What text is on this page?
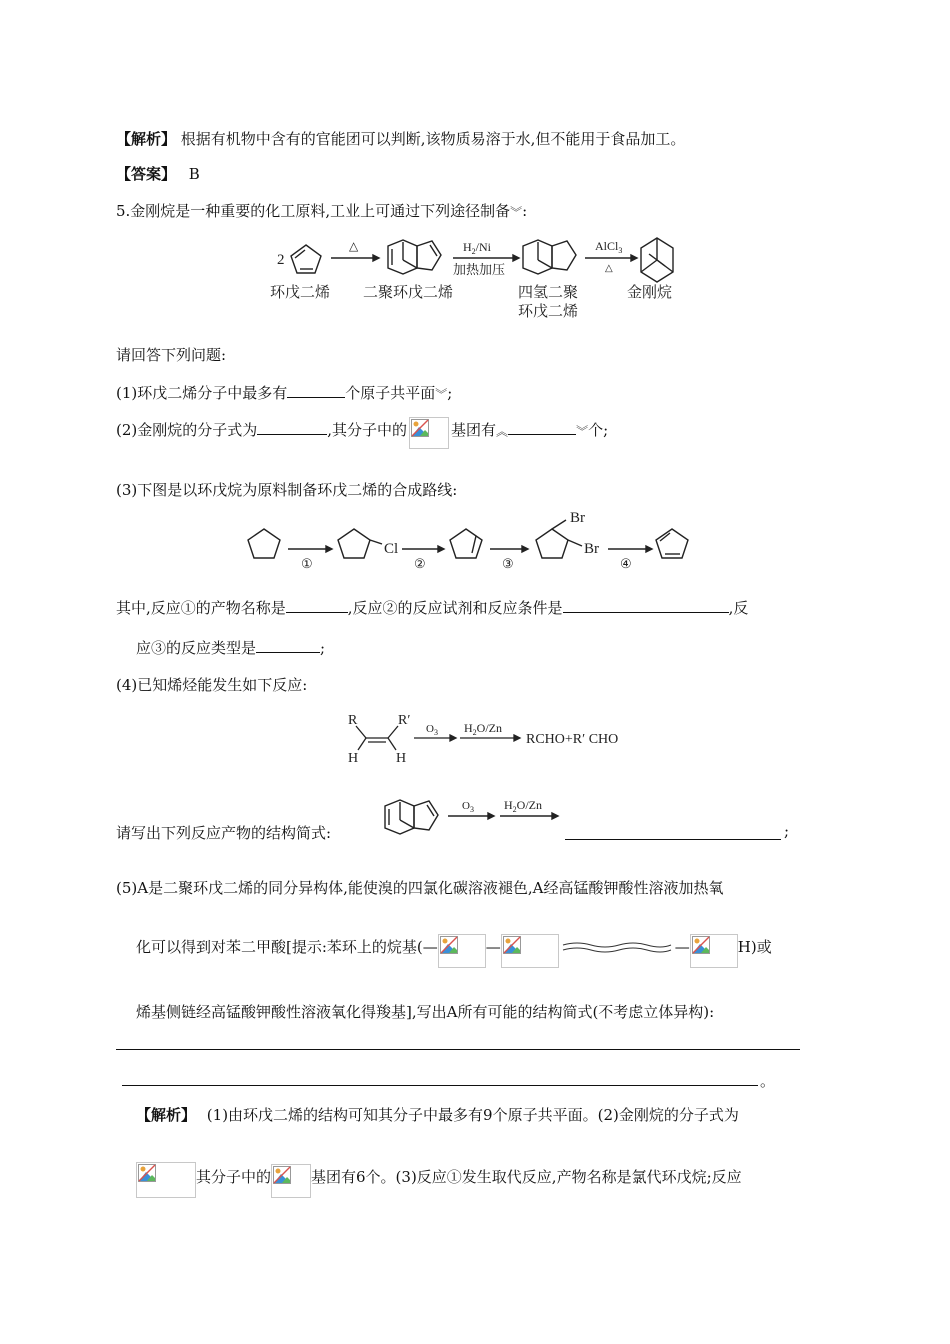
【解析】 根据有机物中含有的官能团可以判断,该物质易溶于水,但不能用于食品加工。
【答案】 B
5.金刚烷是一种重要的化工原料,工业上可通过下列途径制备︾:
2
△	$H_2/Ni$
加热加压
AlCl$_3$
△
环戊二烯 二聚环戊二烯	四氢二聚
环戊二烯
金刚烷
请回答下列问题:
(1)环戊二烯分子中最多有	个原子共平面︾;
(2)金刚烷的分子式为	,其分子中的	基团有︽	︾个;
(3)下图是以环戊烷为原料制备环戊二烯的合成路线:
Cl
Br
Br
①	②	③	④
其中,反应①的产物名称是	,反应②的反应试剂和反应条件是	,反
应③的反应类型是	;
(4)已知烯烃能发生如下反应:
R	R′
H	H
$O_3$ $H_2O/Zn$
RCHO+R′ CHO
请写出下列反应产物的结构简式:
$O_3$	$H_2O/Zn$
;
(5)A是二聚环戊二烯的同分异构体,能使溴的四氯化碳溶液褪色,A经高锰酸钾酸性溶液加热氧
化可以得到对苯二甲酸[提示:苯环上的烷基(—	—	—	H)或
烯基侧链经高锰酸钾酸性溶液氧化得羧基],写出A所有可能的结构简式(不考虑立体异构):
。
【解析】 (1)由环戊二烯的结构可知其分子中最多有9个原子共平面。(2)金刚烷的分子式为
其分子中的	基团有6个。(3)反应①发生取代反应,产物名称是氯代环戊烷;反应
